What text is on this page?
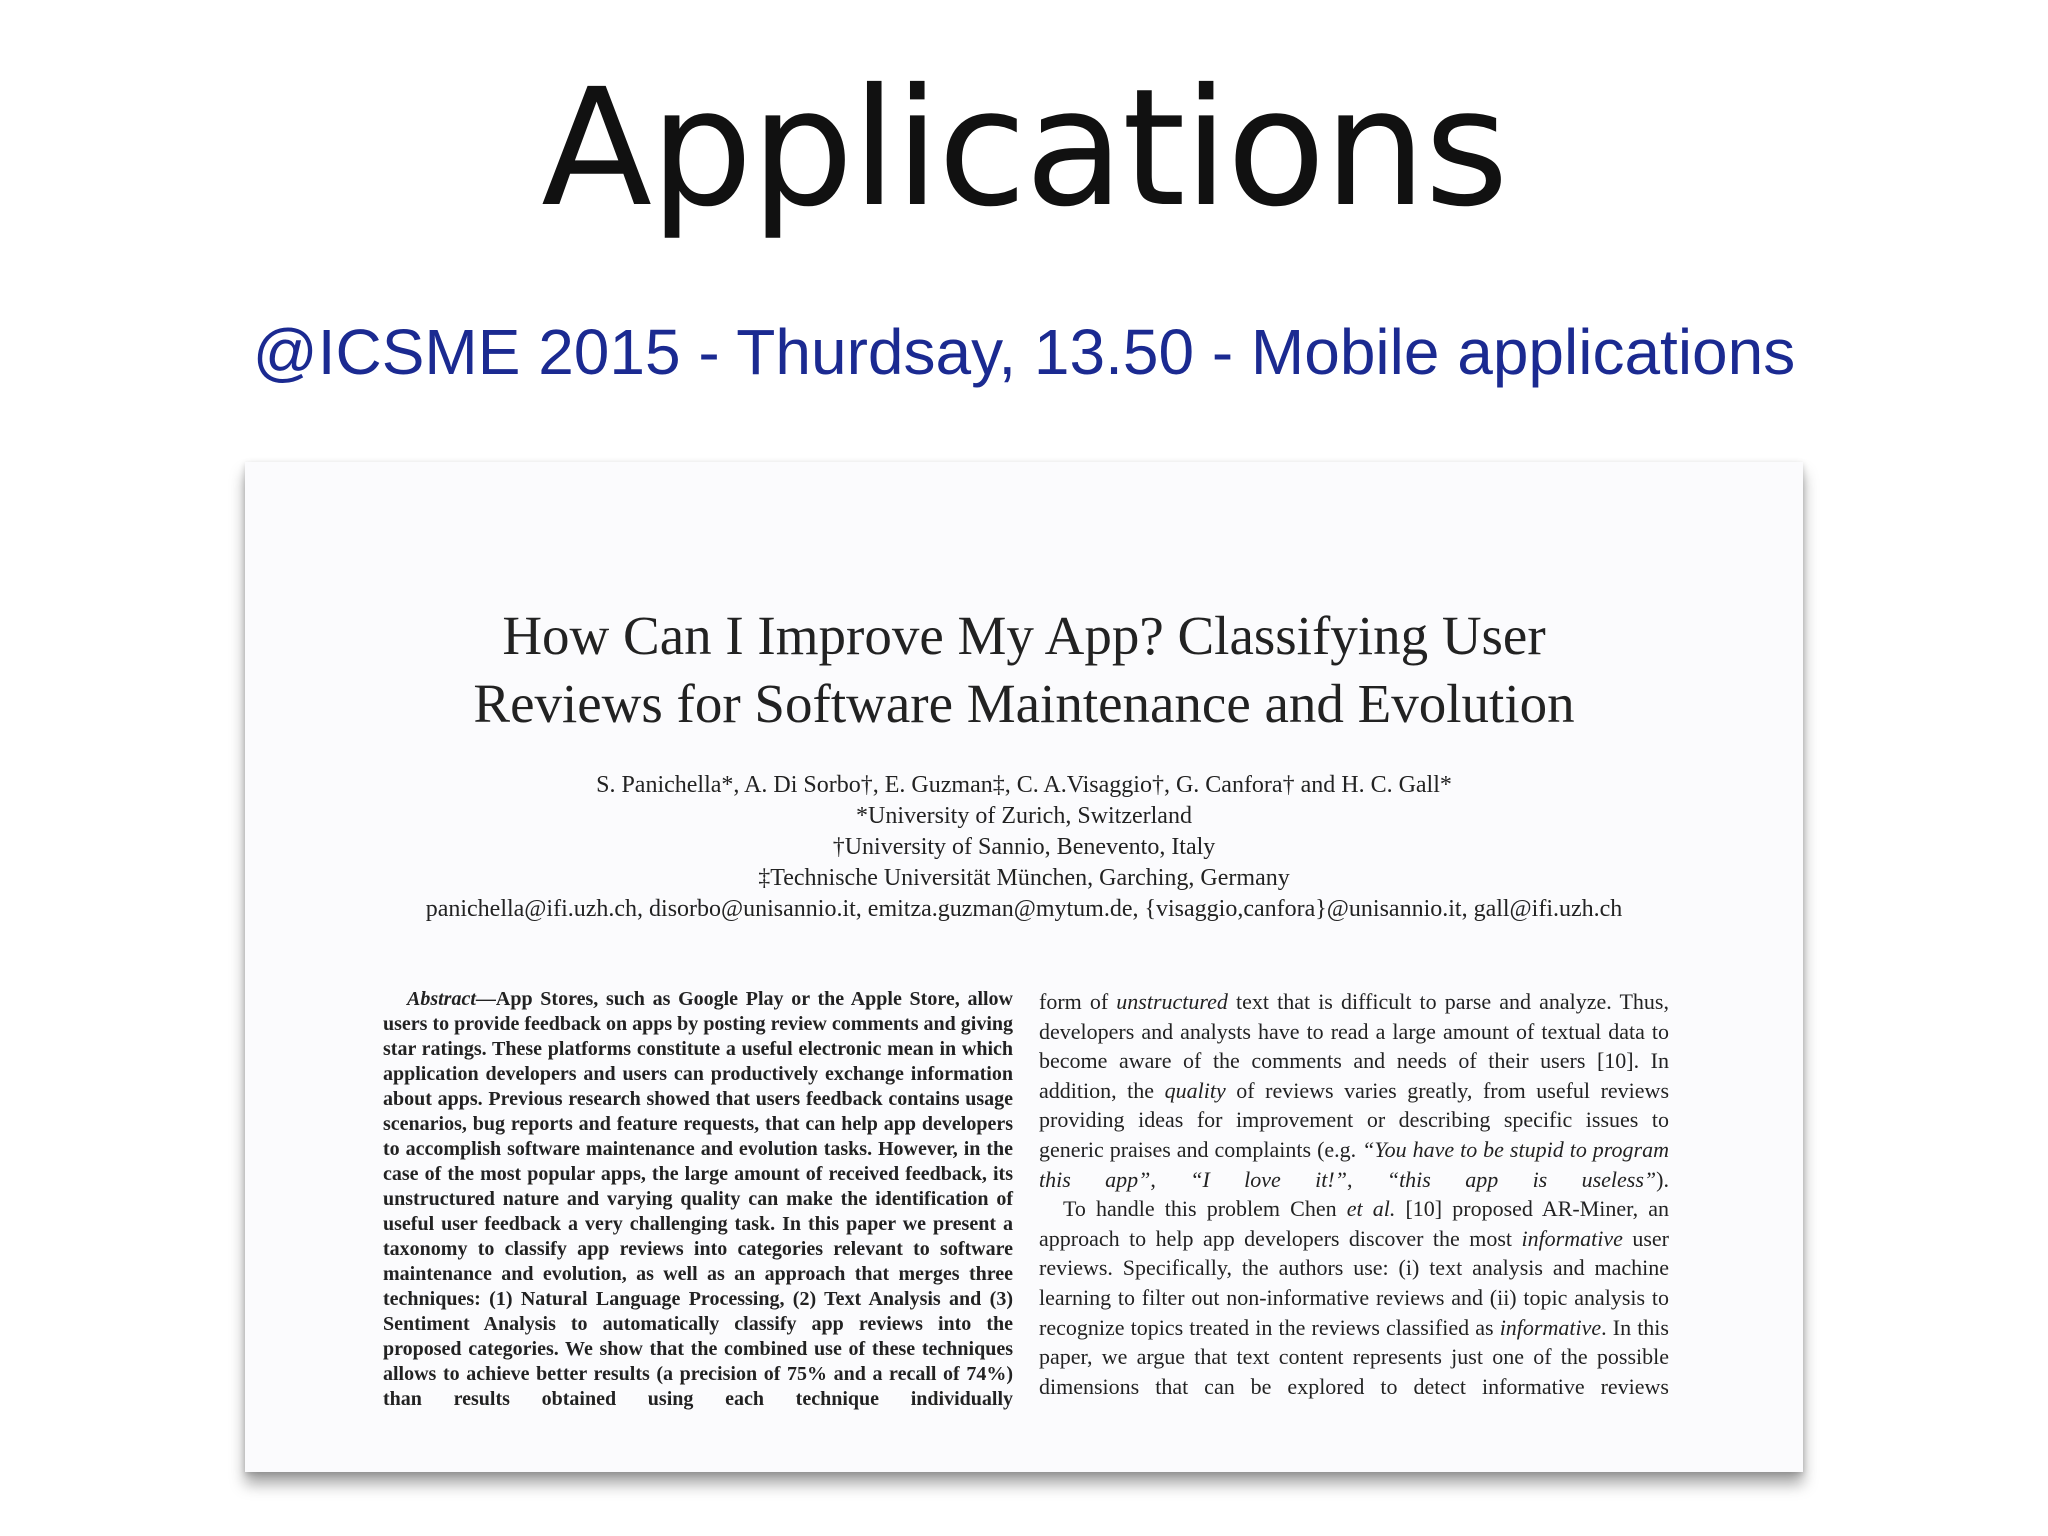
Applications
@ICSME 2015 - Thurdsay, 13.50 - Mobile applications
How Can I Improve My App? Classifying User
Reviews for Software Maintenance and Evolution
S. Panichella*, A. Di Sorbo†, E. Guzman‡, C. A.Visaggio†, G. Canfora† and H. C. Gall*
*University of Zurich, Switzerland
†University of Sannio, Benevento, Italy
‡Technische Universität München, Garching, Germany
panichella@ifi.uzh.ch, disorbo@unisannio.it, emitza.guzman@mytum.de, {visaggio,canfora}@unisannio.it, gall@ifi.uzh.ch

Abstract—App Stores, such as Google Play or the Apple Store, allow users to provide feedback on apps by posting review comments and giving star ratings. These platforms constitute a useful electronic mean in which application developers and users can productively exchange information about apps. Previous research showed that users feedback contains usage scenarios, bug reports and feature requests, that can help app developers to accomplish software maintenance and evolution tasks. However, in the case of the most popular apps, the large amount of received feedback, its unstructured nature and varying quality can make the identification of useful user feedback a very challenging task. In this paper we present a taxonomy to classify app reviews into categories relevant to software maintenance and evolution, as well as an approach that merges three techniques: (1) Natural Language Processing, (2) Text Analysis and (3) Sentiment Analysis to automatically classify app reviews into the proposed categories. We show that the combined use of these techniques allows to achieve better results (a precision of 75% and a recall of 74%) than results obtained using each technique individually

form of unstructured text that is difficult to parse and analyze. Thus, developers and analysts have to read a large amount of textual data to become aware of the comments and needs of their users [10]. In addition, the quality of reviews varies greatly, from useful reviews providing ideas for improvement or describing specific issues to generic praises and complaints (e.g. “You have to be stupid to program this app”, “I love it!”, “this app is useless”).

To handle this problem Chen et al. [10] proposed AR-Miner, an approach to help app developers discover the most informative user reviews. Specifically, the authors use: (i) text analysis and machine learning to filter out non-informative reviews and (ii) topic analysis to recognize topics treated in the reviews classified as informative. In this paper, we argue that text content represents just one of the possible dimensions that can be explored to detect informative reviews
